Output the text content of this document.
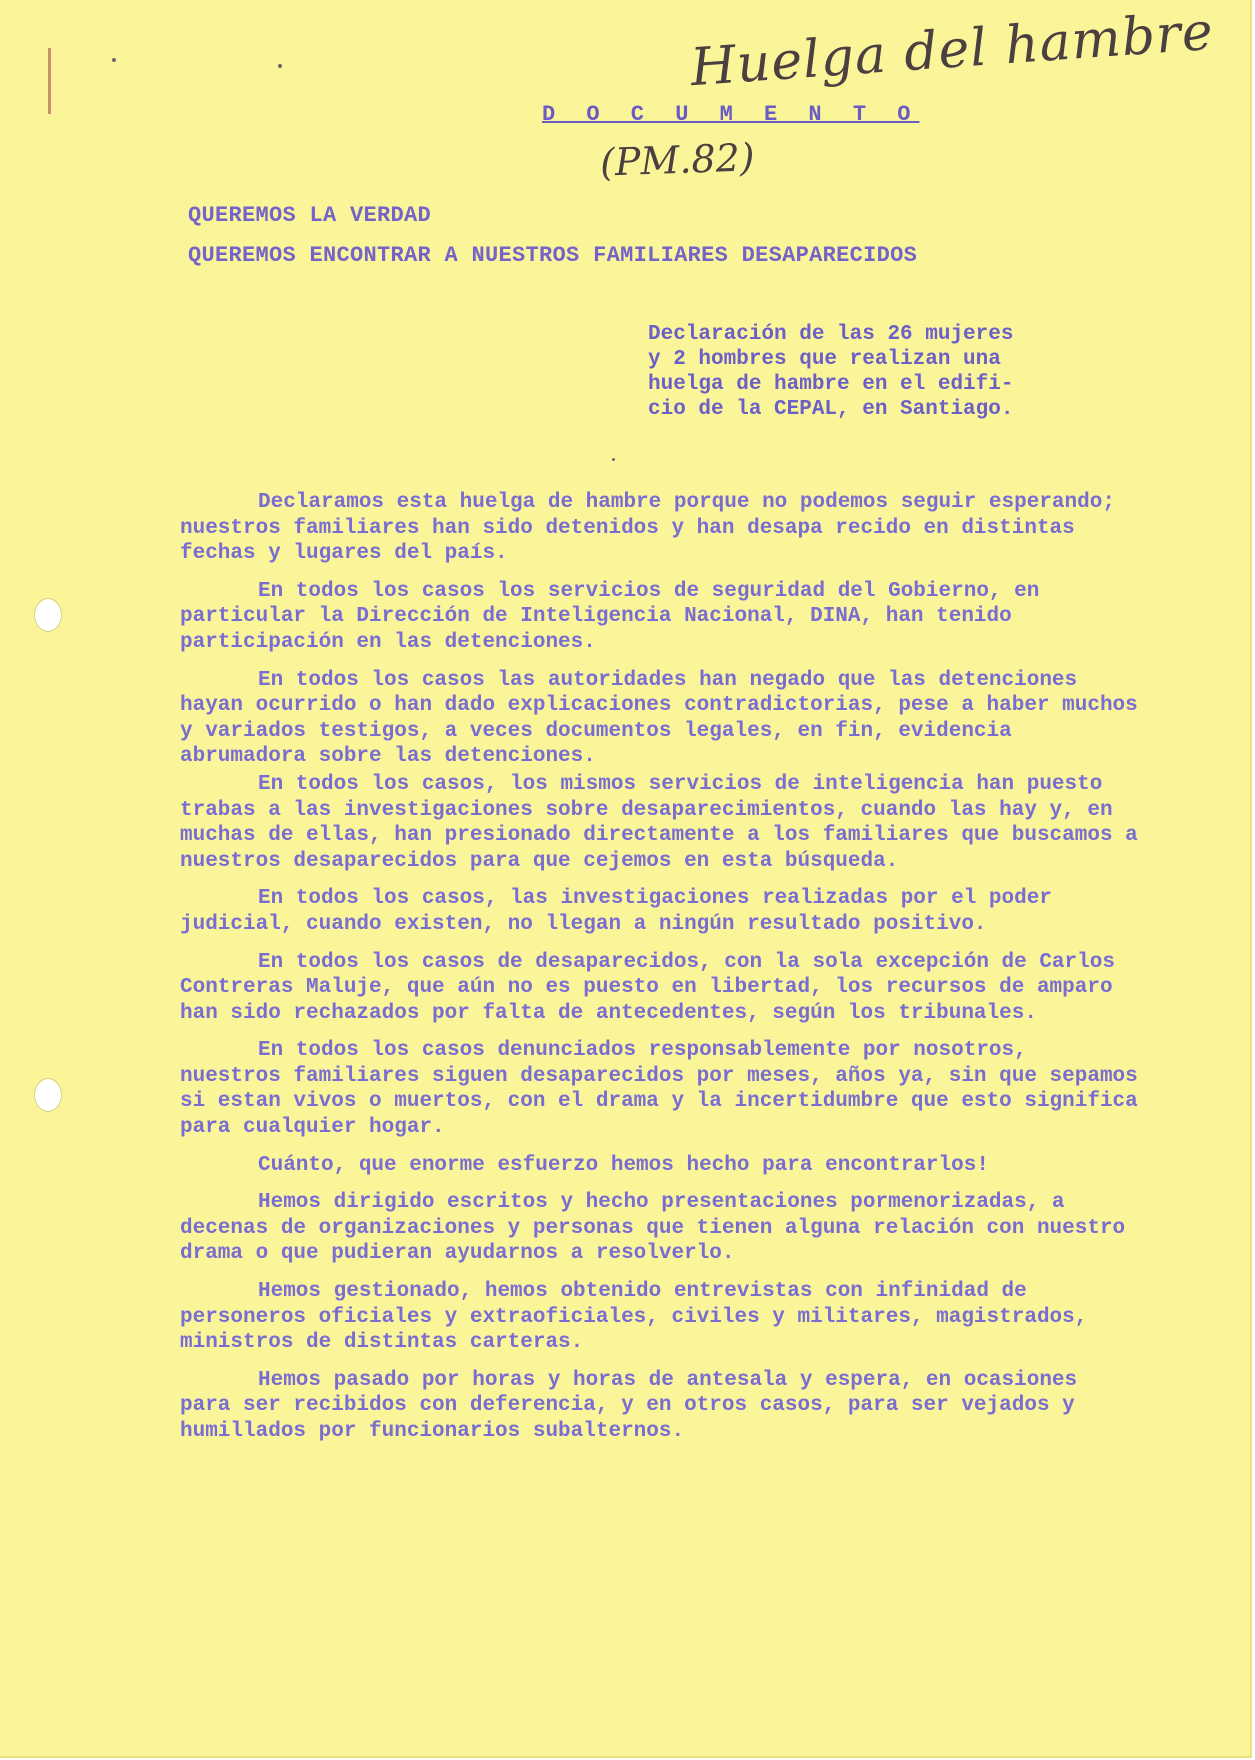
Huelga del hambre
D O C U M E N T O
(PM.82)
QUEREMOS LA VERDAD
QUEREMOS ENCONTRAR A NUESTROS FAMILIARES DESAPARECIDOS
Declaración de las 26 mujeres
y 2 hombres que realizan una
huelga de hambre en el edifi-
cio de la CEPAL, en Santiago.

Declaramos esta huelga de hambre porque no podemos seguir esperando; nuestros familiares han sido detenidos y han desapa recido en distintas fechas y lugares del país.

En todos los casos los servicios de seguridad del Gobierno, en particular la Dirección de Inteligencia Nacional, DINA, han tenido participación en las detenciones.

En todos los casos las autoridades han negado que las detenciones hayan ocurrido o han dado explicaciones contradictorias, pese a haber muchos y variados testigos, a veces documentos legales, en fin, evidencia abrumadora sobre las detenciones.

En todos los casos, los mismos servicios de inteligencia han puesto trabas a las investigaciones sobre desaparecimientos, cuando las hay y, en muchas de ellas, han presionado directamente a los familiares que buscamos a nuestros desaparecidos para que cejemos en esta búsqueda.

En todos los casos, las investigaciones realizadas por el poder judicial, cuando existen, no llegan a ningún resultado positivo.

En todos los casos de desaparecidos, con la sola excepción de Carlos Contreras Maluje, que aún no es puesto en libertad, los recursos de amparo han sido rechazados por falta de antecedentes, según los tribunales.

En todos los casos denunciados responsablemente por nosotros, nuestros familiares siguen desaparecidos por meses, años ya, sin que sepamos si estan vivos o muertos, con el drama y la incertidumbre que esto significa para cualquier hogar.

Cuánto, que enorme esfuerzo hemos hecho para encontrarlos!

Hemos dirigido escritos y hecho presentaciones pormenorizadas, a decenas de organizaciones y personas que tienen alguna relación con nuestro drama o que pudieran ayudarnos a resolverlo.

Hemos gestionado, hemos obtenido entrevistas con infinidad de personeros oficiales y extraoficiales, civiles y militares, magistrados, ministros de distintas carteras.

Hemos pasado por horas y horas de antesala y espera, en ocasiones para ser recibidos con deferencia, y en otros casos, para ser vejados y humillados por funcionarios subalternos.
